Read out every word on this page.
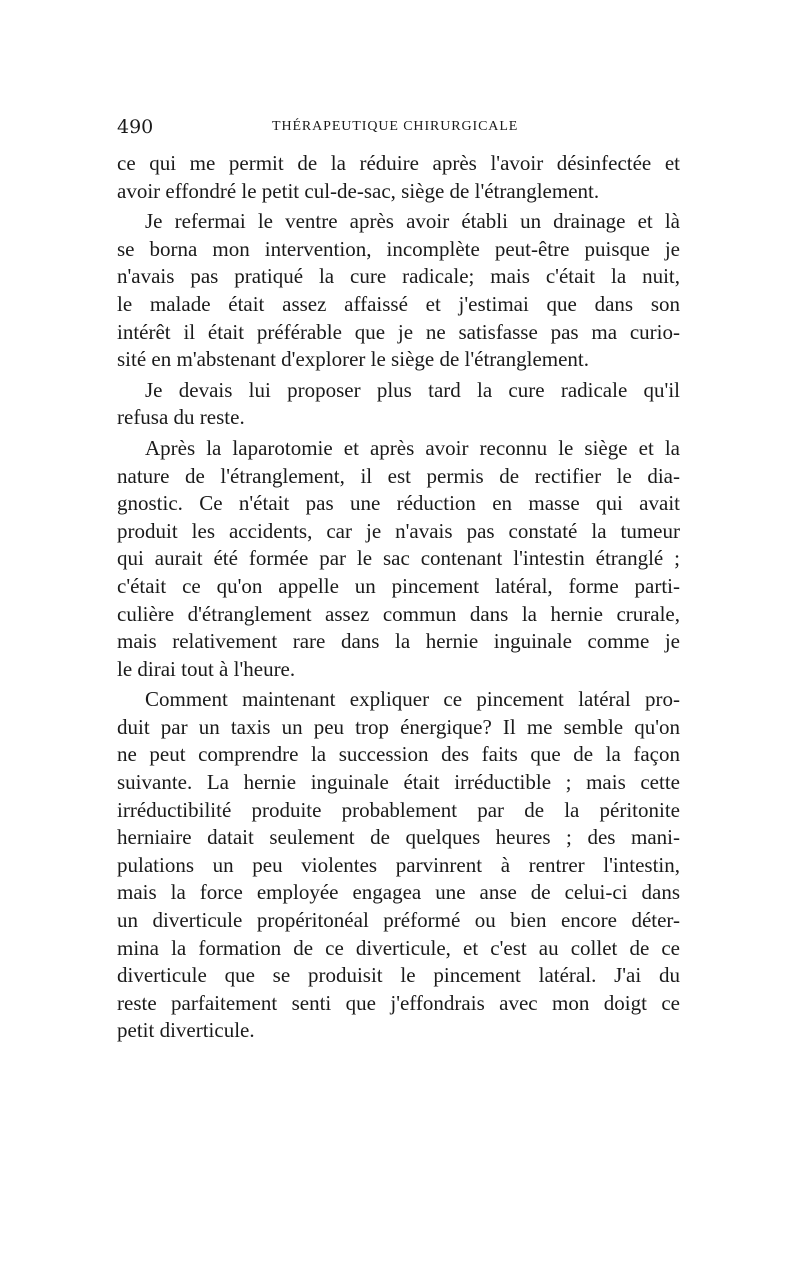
490	THÉRAPEUTIQUE CHIRURGICALE
ce qui me permit de la réduire après l'avoir désinfectée et
avoir effondré le petit cul-de-sac, siège de l'étranglement.
Je refermai le ventre après avoir établi un drainage et là
se borna mon intervention, incomplète peut-être puisque je
n'avais pas pratiqué la cure radicale; mais c'était la nuit,
le malade était assez affaissé et j'estimai que dans son
intérêt il était préférable que je ne satisfasse pas ma curio-
sité en m'abstenant d'explorer le siège de l'étranglement.
Je devais lui proposer plus tard la cure radicale qu'il
refusa du reste.
Après la laparotomie et après avoir reconnu le siège et la
nature de l'étranglement, il est permis de rectifier le dia-
gnostic. Ce n'était pas une réduction en masse qui avait
produit les accidents, car je n'avais pas constaté la tumeur
qui aurait été formée par le sac contenant l'intestin étranglé ;
c'était ce qu'on appelle un pincement latéral, forme parti-
culière d'étranglement assez commun dans la hernie crurale,
mais relativement rare dans la hernie inguinale comme je
le dirai tout à l'heure.
Comment maintenant expliquer ce pincement latéral pro-
duit par un taxis un peu trop énergique? Il me semble qu'on
ne peut comprendre la succession des faits que de la façon
suivante. La hernie inguinale était irréductible ; mais cette
irréductibilité produite probablement par de la péritonite
herniaire datait seulement de quelques heures ; des mani-
pulations un peu violentes parvinrent à rentrer l'intestin,
mais la force employée engagea une anse de celui-ci dans
un diverticule propéritonéal préformé ou bien encore déter-
mina la formation de ce diverticule, et c'est au collet de ce
diverticule que se produisit le pincement latéral. J'ai du
reste parfaitement senti que j'effondrais avec mon doigt ce
petit diverticule.
